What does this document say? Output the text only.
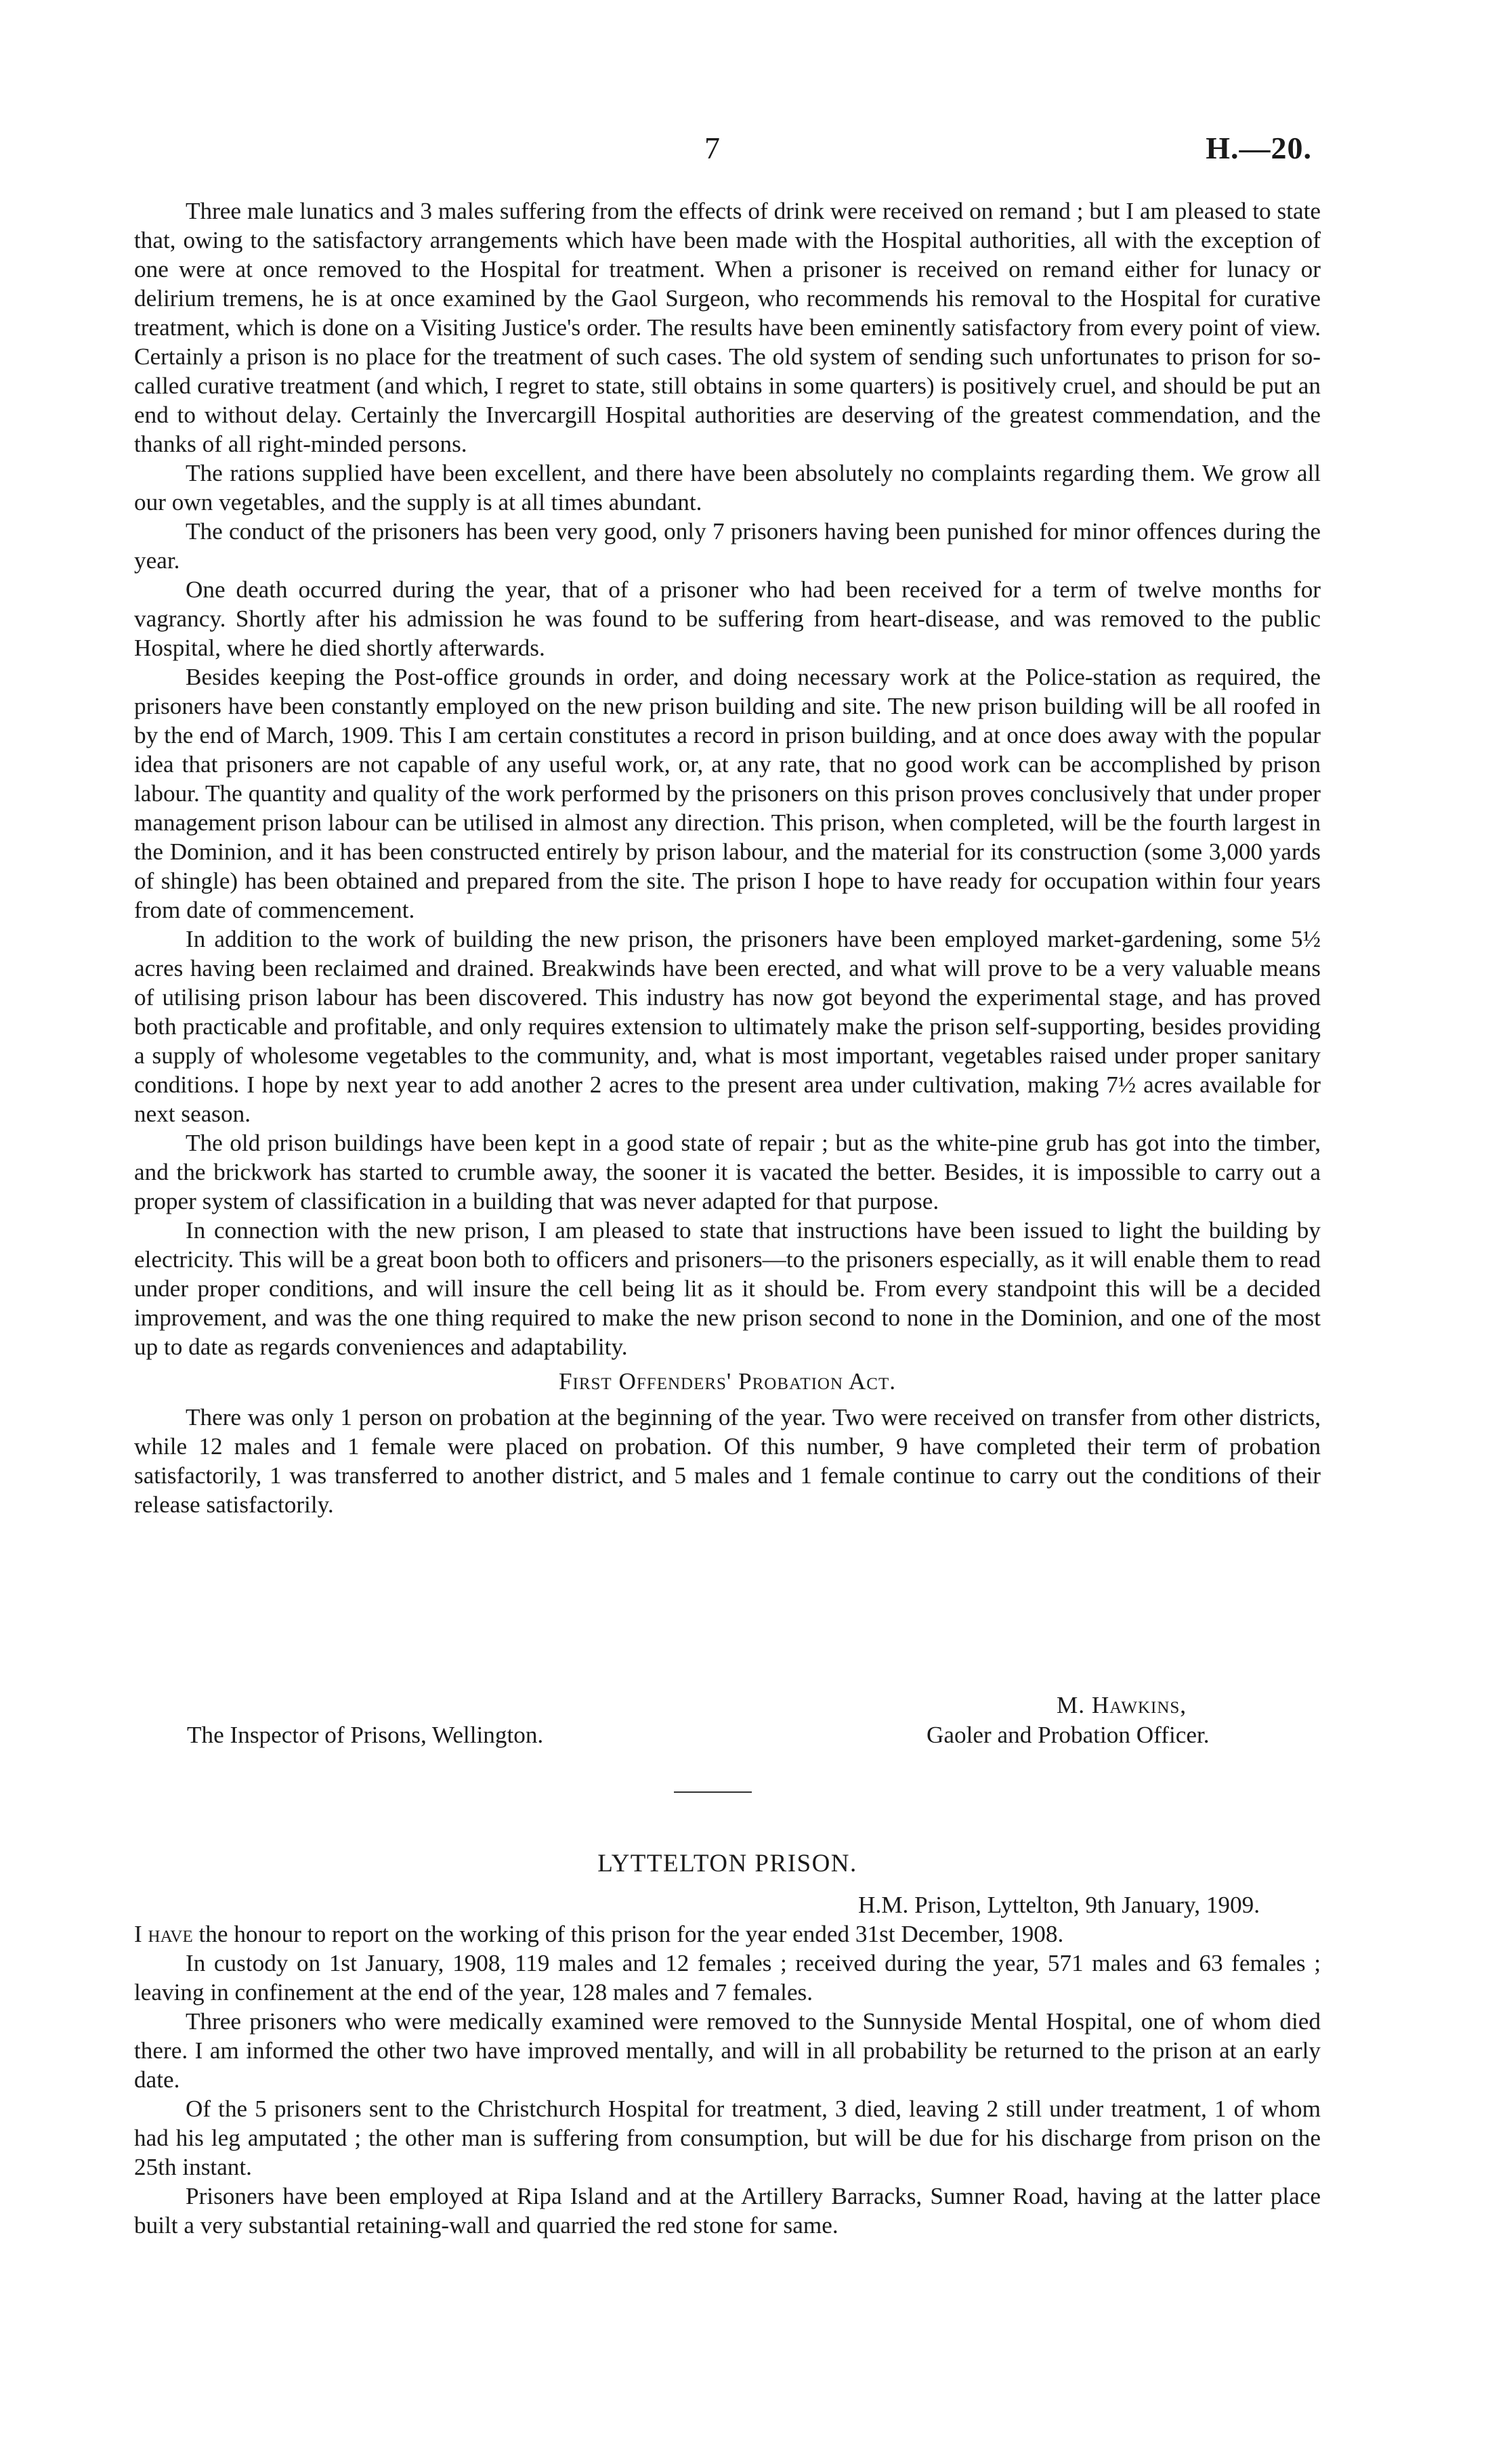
7	H.—20.

Three male lunatics and 3 males suffering from the effects of drink were received on remand ; but I am pleased to state that, owing to the satisfactory arrangements which have been made with the Hospital authorities, all with the exception of one were at once removed to the Hospital for treatment. When a prisoner is received on remand either for lunacy or delirium tremens, he is at once examined by the Gaol Surgeon, who recommends his removal to the Hospital for curative treatment, which is done on a Visiting Justice's order. The results have been eminently satisfactory from every point of view. Certainly a prison is no place for the treatment of such cases. The old system of sending such unfortunates to prison for so-called curative treatment (and which, I regret to state, still obtains in some quarters) is positively cruel, and should be put an end to without delay. Certainly the Invercargill Hospital authorities are deserving of the greatest commendation, and the thanks of all right-minded persons.

The rations supplied have been excellent, and there have been absolutely no complaints regarding them. We grow all our own vegetables, and the supply is at all times abundant.

The conduct of the prisoners has been very good, only 7 prisoners having been punished for minor offences during the year.

One death occurred during the year, that of a prisoner who had been received for a term of twelve months for vagrancy. Shortly after his admission he was found to be suffering from heart-disease, and was removed to the public Hospital, where he died shortly afterwards.

Besides keeping the Post-office grounds in order, and doing necessary work at the Police-station as required, the prisoners have been constantly employed on the new prison building and site. The new prison building will be all roofed in by the end of March, 1909. This I am certain constitutes a record in prison building, and at once does away with the popular idea that prisoners are not capable of any useful work, or, at any rate, that no good work can be accomplished by prison labour. The quantity and quality of the work performed by the prisoners on this prison proves conclusively that under proper management prison labour can be utilised in almost any direction. This prison, when completed, will be the fourth largest in the Dominion, and it has been constructed entirely by prison labour, and the material for its construction (some 3,000 yards of shingle) has been obtained and prepared from the site. The prison I hope to have ready for occupation within four years from date of commencement.

In addition to the work of building the new prison, the prisoners have been employed market-gardening, some 5½ acres having been reclaimed and drained. Breakwinds have been erected, and what will prove to be a very valuable means of utilising prison labour has been discovered. This industry has now got beyond the experimental stage, and has proved both practicable and profitable, and only requires extension to ultimately make the prison self-supporting, besides providing a supply of wholesome vegetables to the community, and, what is most important, vegetables raised under proper sanitary conditions. I hope by next year to add another 2 acres to the present area under cultivation, making 7½ acres available for next season.

The old prison buildings have been kept in a good state of repair ; but as the white-pine grub has got into the timber, and the brickwork has started to crumble away, the sooner it is vacated the better. Besides, it is impossible to carry out a proper system of classification in a building that was never adapted for that purpose.

In connection with the new prison, I am pleased to state that instructions have been issued to light the building by electricity. This will be a great boon both to officers and prisoners—to the prisoners especially, as it will enable them to read under proper conditions, and will insure the cell being lit as it should be. From every standpoint this will be a decided improvement, and was the one thing required to make the new prison second to none in the Dominion, and one of the most up to date as regards conveniences and adaptability.

First Offenders' Probation Act.

There was only 1 person on probation at the beginning of the year. Two were received on transfer from other districts, while 12 males and 1 female were placed on probation. Of this number, 9 have completed their term of probation satisfactorily, 1 was transferred to another district, and 5 males and 1 female continue to carry out the conditions of their release satisfactorily.

M. Hawkins,
The Inspector of Prisons, Wellington.	Gaoler and Probation Officer.

LYTTELTON PRISON.

H.M. Prison, Lyttelton, 9th January, 1909.

I have the honour to report on the working of this prison for the year ended 31st December, 1908.

In custody on 1st January, 1908, 119 males and 12 females ; received during the year, 571 males and 63 females ; leaving in confinement at the end of the year, 128 males and 7 females.

Three prisoners who were medically examined were removed to the Sunnyside Mental Hospital, one of whom died there. I am informed the other two have improved mentally, and will in all probability be returned to the prison at an early date.

Of the 5 prisoners sent to the Christchurch Hospital for treatment, 3 died, leaving 2 still under treatment, 1 of whom had his leg amputated ; the other man is suffering from consumption, but will be due for his discharge from prison on the 25th instant.

Prisoners have been employed at Ripa Island and at the Artillery Barracks, Sumner Road, having at the latter place built a very substantial retaining-wall and quarried the red stone for same.
